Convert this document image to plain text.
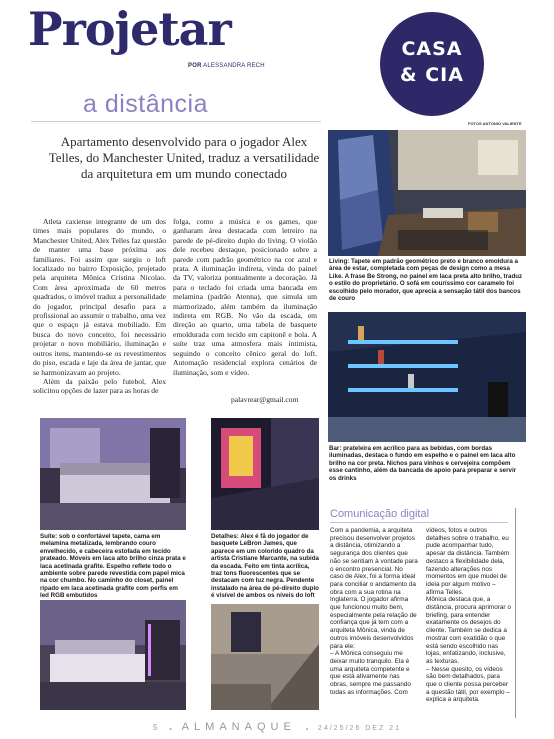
Projetar
POR ALESSANDRA RECH
a distância
CASA
& CIA
FOTOS ANTONIO VALIENTE
Apartamento desenvolvido para o jogador Alex Telles, do Manchester United, traduz a versatilidade da arquitetura em um mundo conectado

Atleta caxiense integrante de um dos times mais populares do mundo, o Manchester United, Alex Telles faz questão de manter uma base próxima aos familiares. Foi assim que surgiu o loft localizado no bairro Exposição, projetado pela arquiteta Mônica Cristina Nicolao. Com área aproximada de 60 metros quadrados, o imóvel traduz a personalidade do jogador, principal desafio para a profissional ao assumir o trabalho, uma vez que o espaço já estava mobiliado. Em busca do novo conceito, foi necessário projetar o novo mobiliário, iluminação e outros itens, mantendo-se os revestimentos do piso, escada e laje da área de jantar, que se harmonizavam ao projeto.

Além da paixão pelo futebol, Alex solicitou opções de lazer para as horas de

folga, como a música e os games, que ganharam área destacada com letreiro na parede de pé-direito duplo do living. O violão dele recebeu destaque, posicionado sobre a parede com padrão geométrico na cor azul e prata. A iluminação indireta, vinda do painel da TV, valoriza pontualmente a decoração. Já para o teclado foi criada uma bancada em melamina (padrão Atenna), que simula um marmorizado, além também da iluminação indireta em RGB. No vão da escada, em direção ao quarto, uma tabela de basquete emoldurada com tecido em capitonê e bola. A suíte traz uma atmosfera mais intimista, seguindo o conceito cênico geral do loft. Automação residencial explora cenários de iluminação, som e vídeo.

palavrear@gmail.com
Living: Tapete em padrão geométrico preto e branco emoldura a área de estar, completada com peças de design como a mesa Like. A frase Be Strong, no painel em laca preta alto brilho, traduz o estilo do proprietário. O sofá em couríssimo cor caramelo foi escolhido pelo morador, que aprecia a sensação tátil dos bancos de couro
Bar: prateleira em acrílico para as bebidas, com bordas iluminadas, destaca o fundo em espelho e o painel em laca alto brilho na cor preta. Nichos para vinhos e cervejeira compõem esse cantinho, além da bancada de apoio para preparar e servir os drinks
Suíte: sob o confortável tapete, cama em melamina metalizada, lembrando couro envelhecido, e cabeceira estofada em tecido prateado. Móveis em laca alto brilho cinza prata e laca acetinada grafite. Espelho reflete todo o ambiente sobre parede revestida com papel mica na cor chumbo. No caminho do closet, painel ripado em laca acetinada grafite com perfis em led RGB embutidos
Detalhes: Alex é fã do jogador de basquete LeBron James, que aparece em um colorido quadro da artista Cristiane Marcante, na subida da escada. Feito em tinta acrílica, traz tons fluorescentes que se destacam com luz negra. Pendente instalado na área de pé-direito duplo é visível de ambos os níveis do loft
Comunicação digital

Com a pandemia, a arquiteta precisou desenvolver projetos a distância, otimizando a segurança dos clientes que não se sentiam à vontade para o encontro presencial. No caso de Alex, foi a forma ideal para conciliar o andamento da obra com a sua rotina na Inglaterra. O jogador afirma que funcionou muito bem, especialmente pela relação de confiança que já tem com a arquiteta Mônica, vinda de outros imóveis desenvolvidos para ele:

– A Mônica conseguiu me deixar muito tranquilo. Ela é uma arquiteta competente e que está ativamente nas obras, sempre me passando todas as informações. Com

vídeos, fotos e outros detalhes sobre o trabalho, eu pude acompanhar tudo, apesar da distância. Também destaco a flexibilidade dela, fazendo alterações nos momentos em que mudei de ideia por algum motivo – afirma Telles.

Mônica destaca que, a distância, procura aprimorar o briefing, para entender exatamente os desejos do cliente. Também se dedica a mostrar com exatidão o que está sendo escolhido nas lojas, enfatizando, inclusive, as texturas.

– Nesse quesito, os vídeos são bem detalhados, para que o cliente possa perceber a questão tátil, por exemplo – explica a arquiteta.

5  .  ALMANAQUE  .  24/25/26 DEZ 21
